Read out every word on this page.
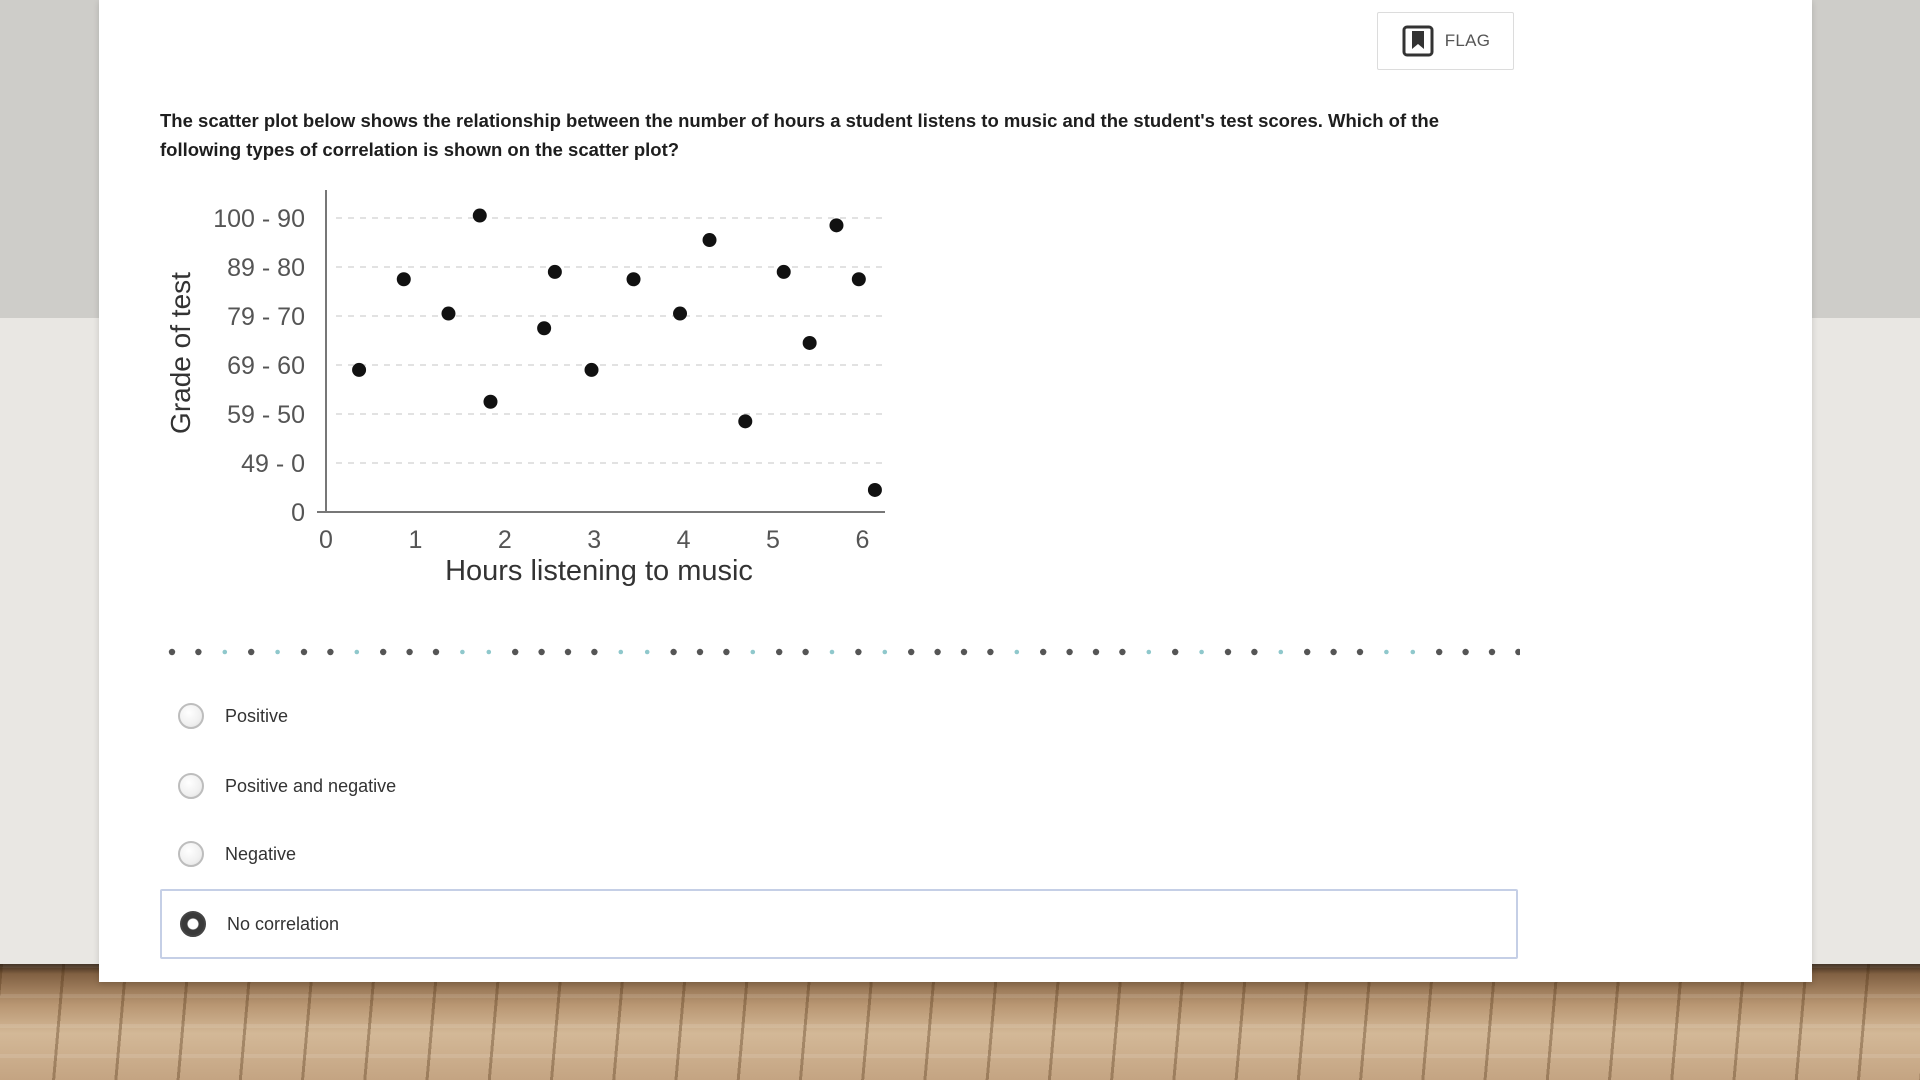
FLAG

The scatter plot below shows the relationship between the number of hours a student listens to music and the student's test scores. Which of the following types of correlation is shown on the scatter plot?

0
49 - 0
59 - 50
69 - 60
79 - 70
89 - 80
100 - 90
0	1	2	3	4	5	6
Hours listening to music
Grade of test
Positive
Positive and negative
Negative
No correlation
